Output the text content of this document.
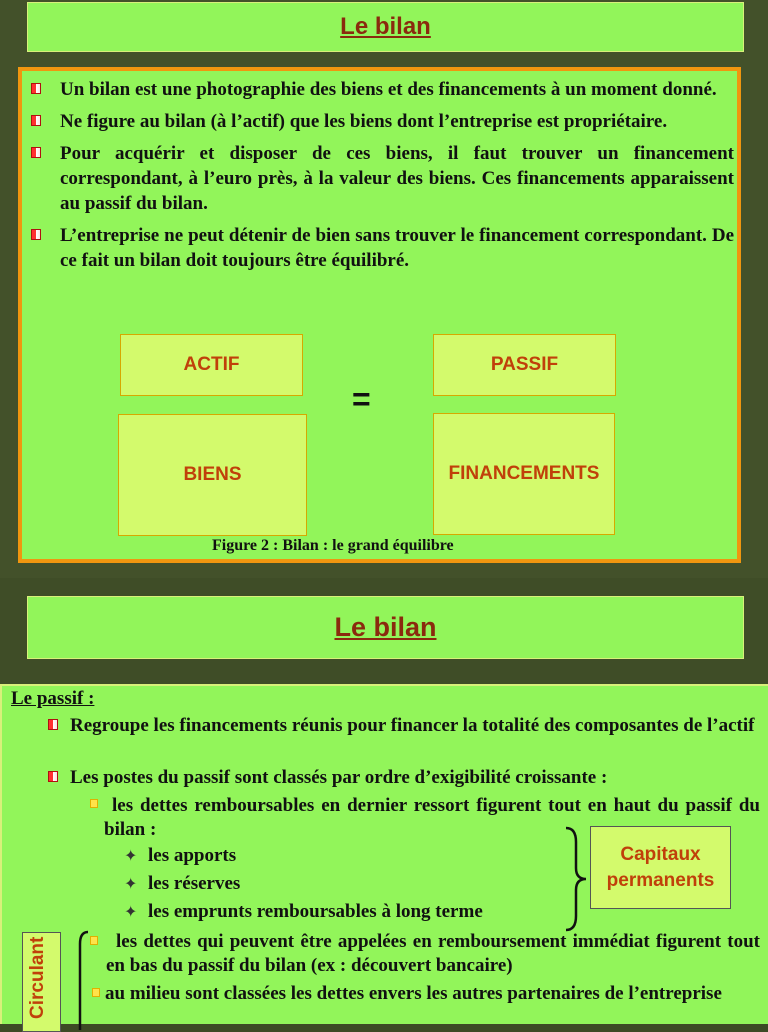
Le bilan
Un bilan est une photographie des biens et des financements à un moment donné.
Ne figure au bilan (à l’actif) que les biens dont l’entreprise est propriétaire.
Pour acquérir et disposer de ces biens, il faut trouver un financement correspondant, à l’euro près, à la valeur des biens. Ces financements apparaissent au passif du bilan.
L’entreprise ne peut détenir de bien sans trouver le financement correspondant. De ce fait un bilan doit toujours être équilibré.
ACTIF	PASSIF
=
BIENS	FINANCEMENTS
Figure 2 : Bilan : le grand équilibre
Le bilan
Le passif :
Regroupe les financements réunis pour financer la totalité des composantes de l’actif
Les postes du passif sont classés par ordre d’exigibilité croissante :
les dettes remboursables en dernier ressort figurent tout en haut du passif du bilan :
✦ les apports
✦ les réserves
✦ les emprunts remboursables à long terme
Capitaux
permanents
Circulant	les dettes qui peuvent être appelées en remboursement immédiat figurent tout en bas du passif du bilan (ex : découvert bancaire)
au milieu sont classées les dettes envers les autres partenaires de l’entreprise
